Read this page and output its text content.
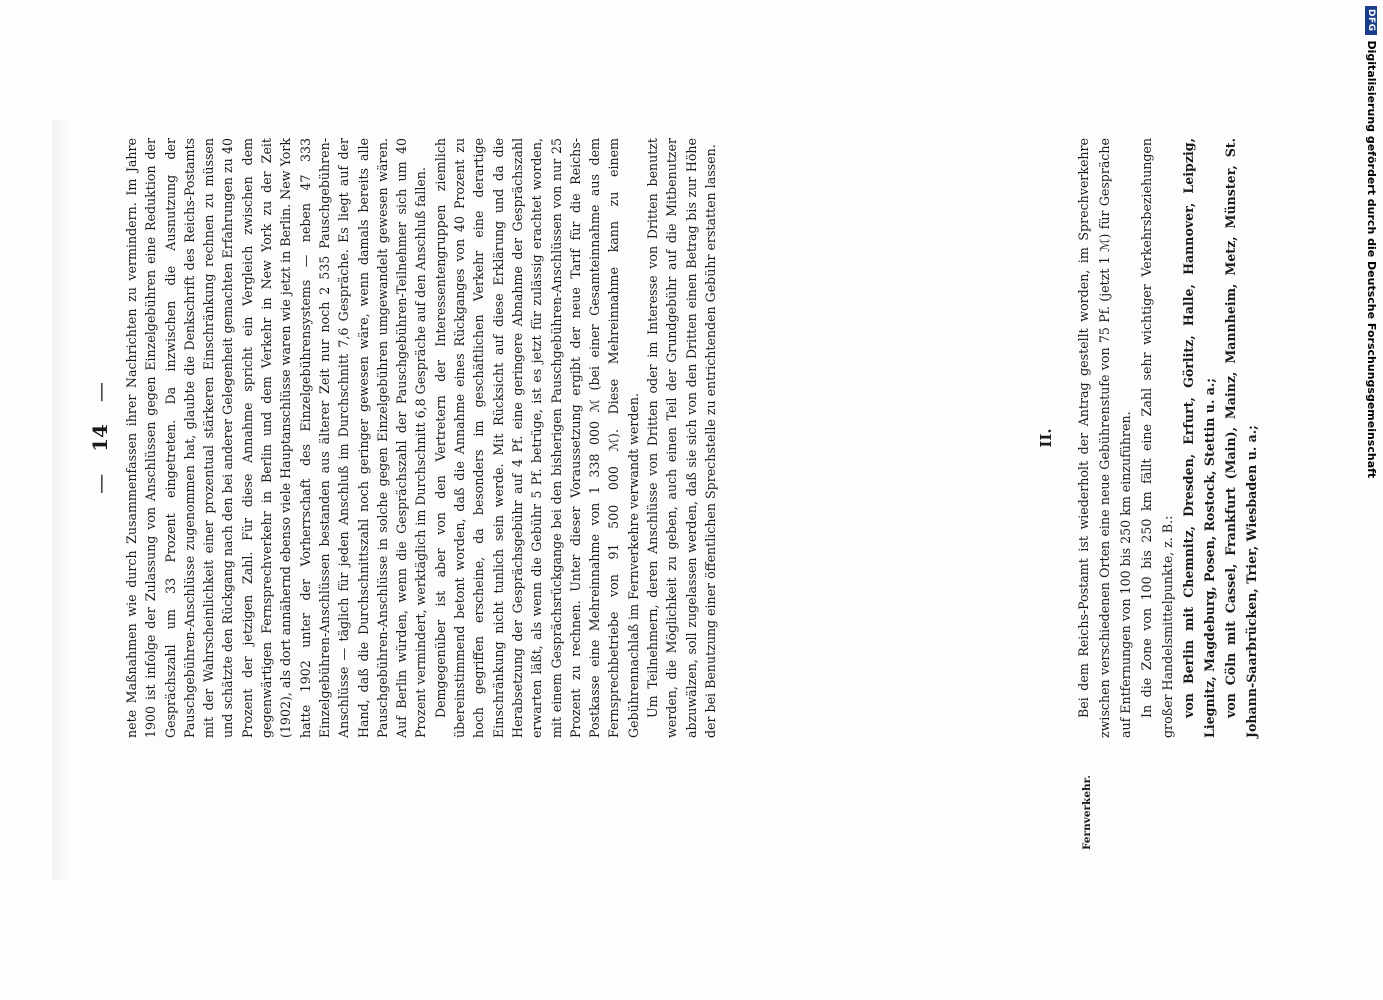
—
14
—
DFG
Digitalisierung gefördert durch die Deutsche Forschungsgemeinschaft

nete Maßnahmen wie durch Zusammenfassen ihrer Nachrichten zu vermindern. Im Jahre 1900 ist infolge der Zulassung von Anschlüssen gegen Einzelgebühren eine Reduktion der Gesprächszahl um 33 Prozent eingetreten. Da inzwischen die Ausnutzung der Pauschgebühren-Anschlüsse zugenommen hat, glaubte die Denkschrift des Reichs-Postamts mit der Wahrscheinlichkeit einer prozentual stärkeren Einschränkung rechnen zu müssen und schätzte den Rückgang nach den bei anderer Gelegenheit gemachten Erfahrungen zu 40 Prozent der jetzigen Zahl. Für diese Annahme spricht ein Vergleich zwischen dem gegenwärtigen Fernsprechverkehr in Berlin und dem Verkehr in New York zu der Zeit (1902), als dort annähernd ebenso viele Hauptanschlüsse waren wie jetzt in Berlin. New York hatte 1902 unter der Vorherrschaft des Einzelgebührensystems — neben 47 333 Einzelgebühren-Anschlüssen bestanden aus älterer Zeit nur noch 2 535 Pauschgebühren-Anschlüsse — täglich für jeden Anschluß im Durchschnitt 7,6 Gespräche. Es liegt auf der Hand, daß die Durchschnittszahl noch geringer gewesen wäre, wenn damals bereits alle Pauschgebühren-Anschlüsse in solche gegen Einzelgebühren umgewandelt gewesen wären. Auf Berlin würden, wenn die Gesprächszahl der Pauschgebühren-Teilnehmer sich um 40 Prozent vermindert, werktäglich im Durchschnitt 6,8 Gespräche auf den Anschluß fallen. Demgegenüber ist aber von den Vertretern der Interessentengruppen ziemlich übereinstimmend betont worden, daß die Annahme eines Rückganges von 40 Prozent zu hoch gegriffen erscheine, da besonders im geschäftlichen Verkehr eine derartige Einschränkung nicht tunlich sein werde. Mit Rücksicht auf diese Erklärung und da die Herabsetzung der Gesprächsgebühr auf 4 Pf. eine geringere Abnahme der Gesprächszahl erwarten läßt, als wenn die Gebühr 5 Pf. betrüge, ist es jetzt für zulässig erachtet worden, mit einem Gesprächsrückgange bei den bisherigen Pauschgebühren-Anschlüssen von nur 25 Prozent zu rechnen. Unter dieser Voraussetzung ergibt der neue Tarif für die Reichs-Postkasse eine Mehreinnahme von 1 338 000 ℳ (bei einer Gesamteinnahme aus dem Fernsprechbetriebe von 91 500 000 ℳ). Diese Mehreinnahme kann zu einem Gebührennachlaß im Fernverkehre verwandt werden. Um Teilnehmern, deren Anschlüsse von Dritten oder im Interesse von Dritten benutzt werden, die Möglichkeit zu geben, auch einen Teil der Grundgebühr auf die Mitbenutzer abzuwälzen, soll zugelassen werden, daß sie sich von den Dritten einen Betrag bis zur Höhe der bei Benutzung einer öffentlichen Sprechstelle zu entrichtenden Gebühr erstatten lassen.	II.
Fernverkehr.

Bei dem Reichs-Postamt ist wiederholt der Antrag gestellt worden, im Sprechverkehre zwischen verschiedenen Orten eine neue Gebührenstufe von 75 Pf. (jetzt 1 ℳ) für Gespräche auf Entfernungen von 100 bis 250 km einzuführen. In die Zone von 100 bis 250 km fällt eine Zahl sehr wichtiger Verkehrsbeziehungen großer Handelsmittelpunkte, z. B.: von Berlin mit Chemnitz, Dresden, Erfurt, Görlitz, Halle, Hannover, Leipzig, Liegnitz, Magdeburg, Posen, Rostock, Stettin u. a.; von Cöln mit Cassel, Frankfurt (Main), Mainz, Mannheim, Metz, Münster, St. Johann-Saarbrücken, Trier, Wiesbaden u. a.;
